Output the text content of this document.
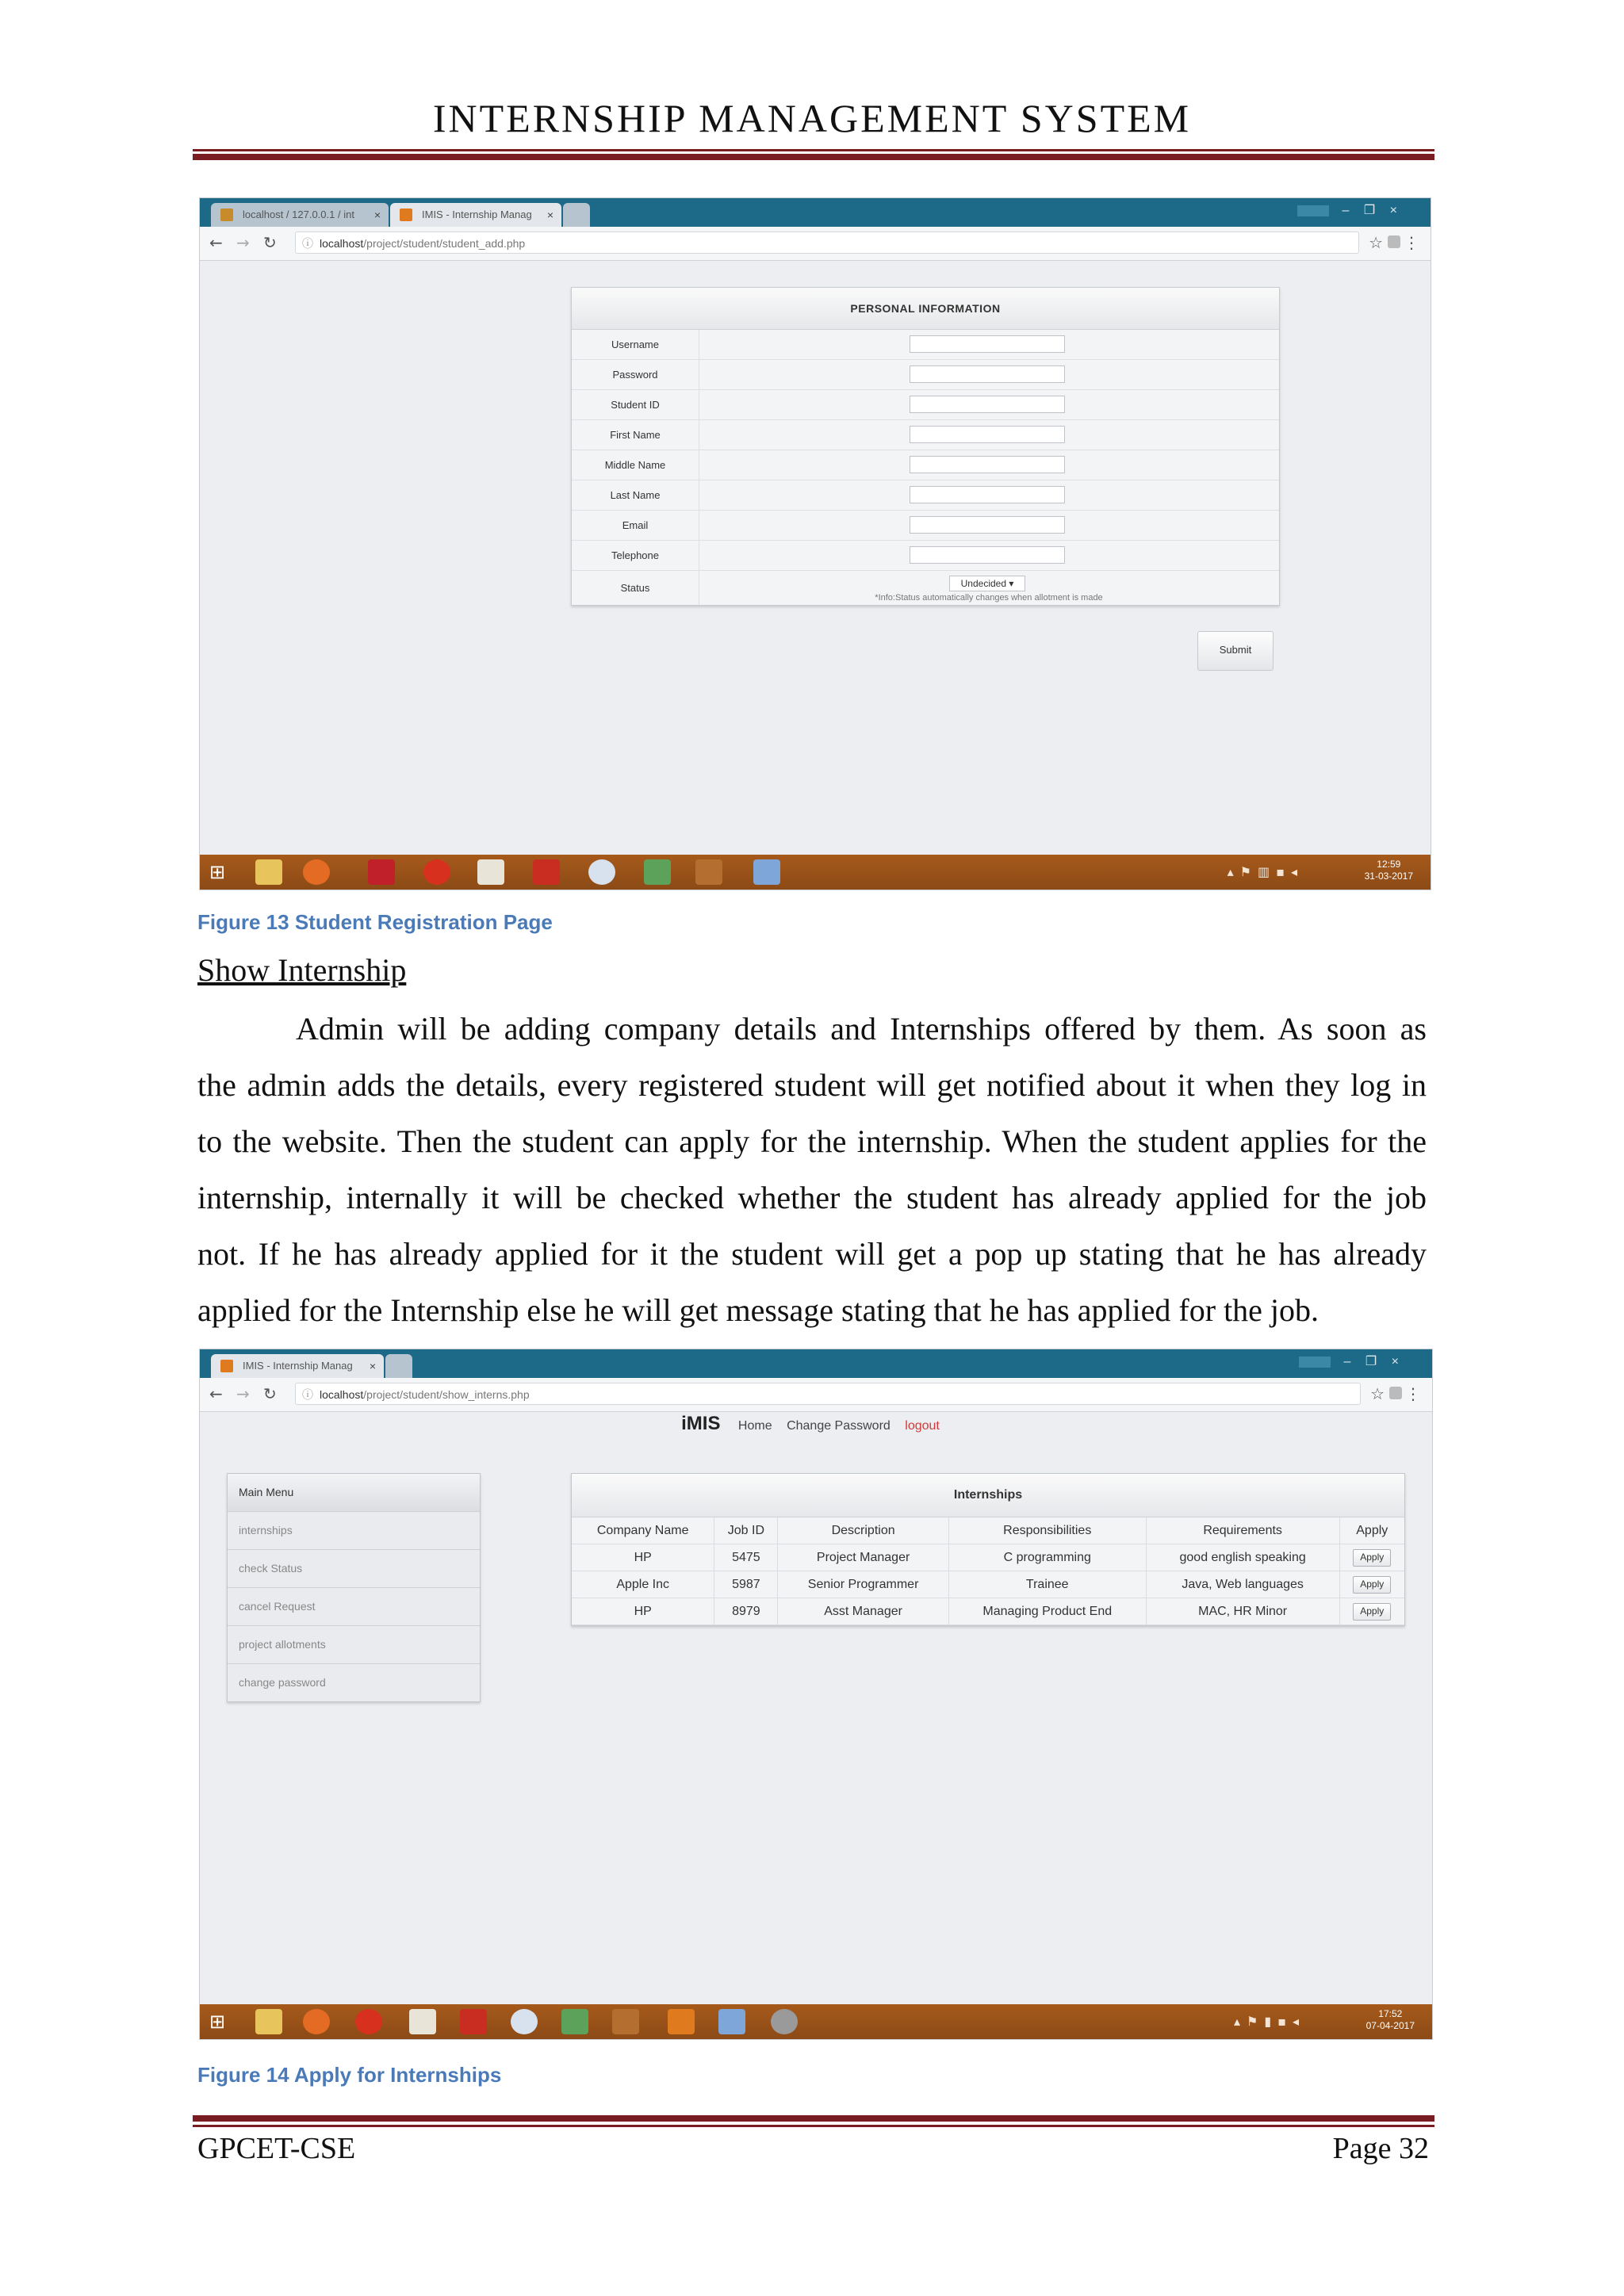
INTERNSHIP MANAGEMENT SYSTEM
localhost / 127.0.0.1 / int ×	IMIS - Internship Manag ×	– ❐ ×
← → ↻ ⓘ localhost/project/student/student_add.php	☆ ⋮
PERSONAL INFORMATION
Username
Password
Student ID
First Name
Middle Name
Last Name
Email
Telephone
Status	Undecided ▾
*Info:Status automatically changes when allotment is made
Submit
⊞	▴⚑▥▪◂	12:59
31-03-2017
Figure 13 Student Registration Page
Show Internship
Admin will be adding company details and Internships offered by them. As soon as
the admin adds the details, every registered student will get notified about it when they log in
to the website. Then the student can apply for the internship. When the student applies for the
internship, internally it will be checked whether the student has already applied for the job
not. If he has already applied for it the student will get a pop up stating that he has already
applied for the Internship else he will get message stating that he has applied for the job.
IMIS - Internship Manag ×	– ❐ ×
← → ↻ ⓘ localhost/project/student/show_interns.php	☆ ⋮
iMIS Home Change Password logout
Main Menu
internships
check Status
cancel Request
project allotments
change password
Internships
Company Name	Job ID	Description	Responsibilities	Requirements	Apply
HP	5475	Project Manager	C programming	good english speaking	Apply
Apple Inc	5987	Senior Programmer	Trainee	Java, Web languages	Apply
HP	8979	Asst Manager	Managing Product End	MAC, HR Minor	Apply
⊞	▴⚑▮▪◂	17:52
07-04-2017
Figure 14 Apply for Internships
GPCET-CSE	Page 32
